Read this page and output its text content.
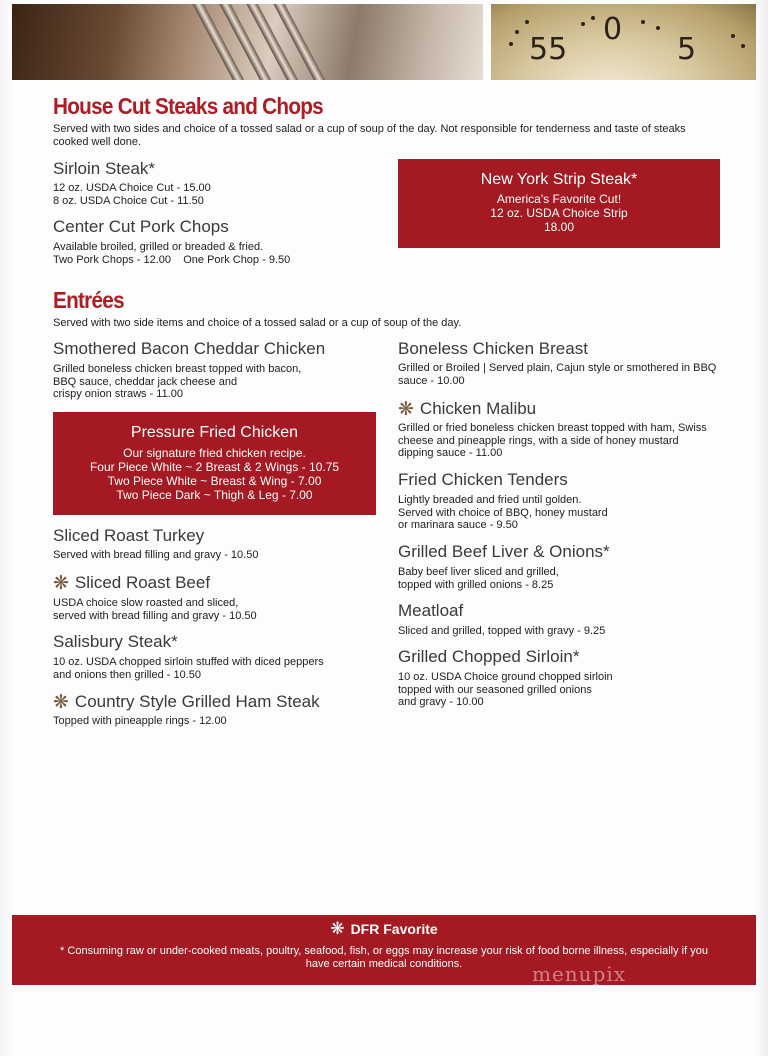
55
0
5
House Cut Steaks and Chops
Served with two sides and choice of a tossed salad or a cup of soup of the day. Not responsible for tenderness and taste of steaks cooked well done.
Sirloin Steak*
12 oz. USDA Choice Cut - 15.00
8 oz. USDA Choice Cut - 11.50
Center Cut Pork Chops
Available broiled, grilled or breaded & fried.
Two Pork Chops - 12.00    One Pork Chop - 9.50
New York Strip Steak*
America's Favorite Cut!
12 oz. USDA Choice Strip
18.00
Entrées
Served with two side items and choice of a tossed salad or a cup of soup of the day.
Smothered Bacon Cheddar Chicken
Grilled boneless chicken breast topped with bacon,
BBQ sauce, cheddar jack cheese and
crispy onion straws - 11.00
Pressure Fried Chicken
Our signature fried chicken recipe.
Four Piece White ~ 2 Breast & 2 Wings - 10.75
Two Piece White ~ Breast & Wing - 7.00
Two Piece Dark ~ Thigh & Leg - 7.00
Sliced Roast Turkey
Served with bread filling and gravy - 10.50
❋ Sliced Roast Beef
USDA choice slow roasted and sliced,
served with bread filling and gravy - 10.50
Salisbury Steak*
10 oz. USDA chopped sirloin stuffed with diced peppers
and onions then grilled - 10.50
❋ Country Style Grilled Ham Steak
Topped with pineapple rings - 12.00
Boneless Chicken Breast
Grilled or Broiled | Served plain, Cajun style or smothered in BBQ
sauce - 10.00
❋ Chicken Malibu
Grilled or fried boneless chicken breast topped with ham, Swiss
cheese and pineapple rings, with a side of honey mustard
dipping sauce - 11.00
Fried Chicken Tenders
Lightly breaded and fried until golden.
Served with choice of BBQ, honey mustard
or marinara sauce - 9.50
Grilled Beef Liver & Onions*
Baby beef liver sliced and grilled,
topped with grilled onions - 8.25
Meatloaf
Sliced and grilled, topped with gravy - 9.25
Grilled Chopped Sirloin*
10 oz. USDA Choice ground chopped sirloin
topped with our seasoned grilled onions
and gravy - 10.00
❋ DFR Favorite
* Consuming raw or under-cooked meats, poultry, seafood, fish, or eggs may increase your risk of food borne illness, especially if you have certain medical conditions.	menupix
